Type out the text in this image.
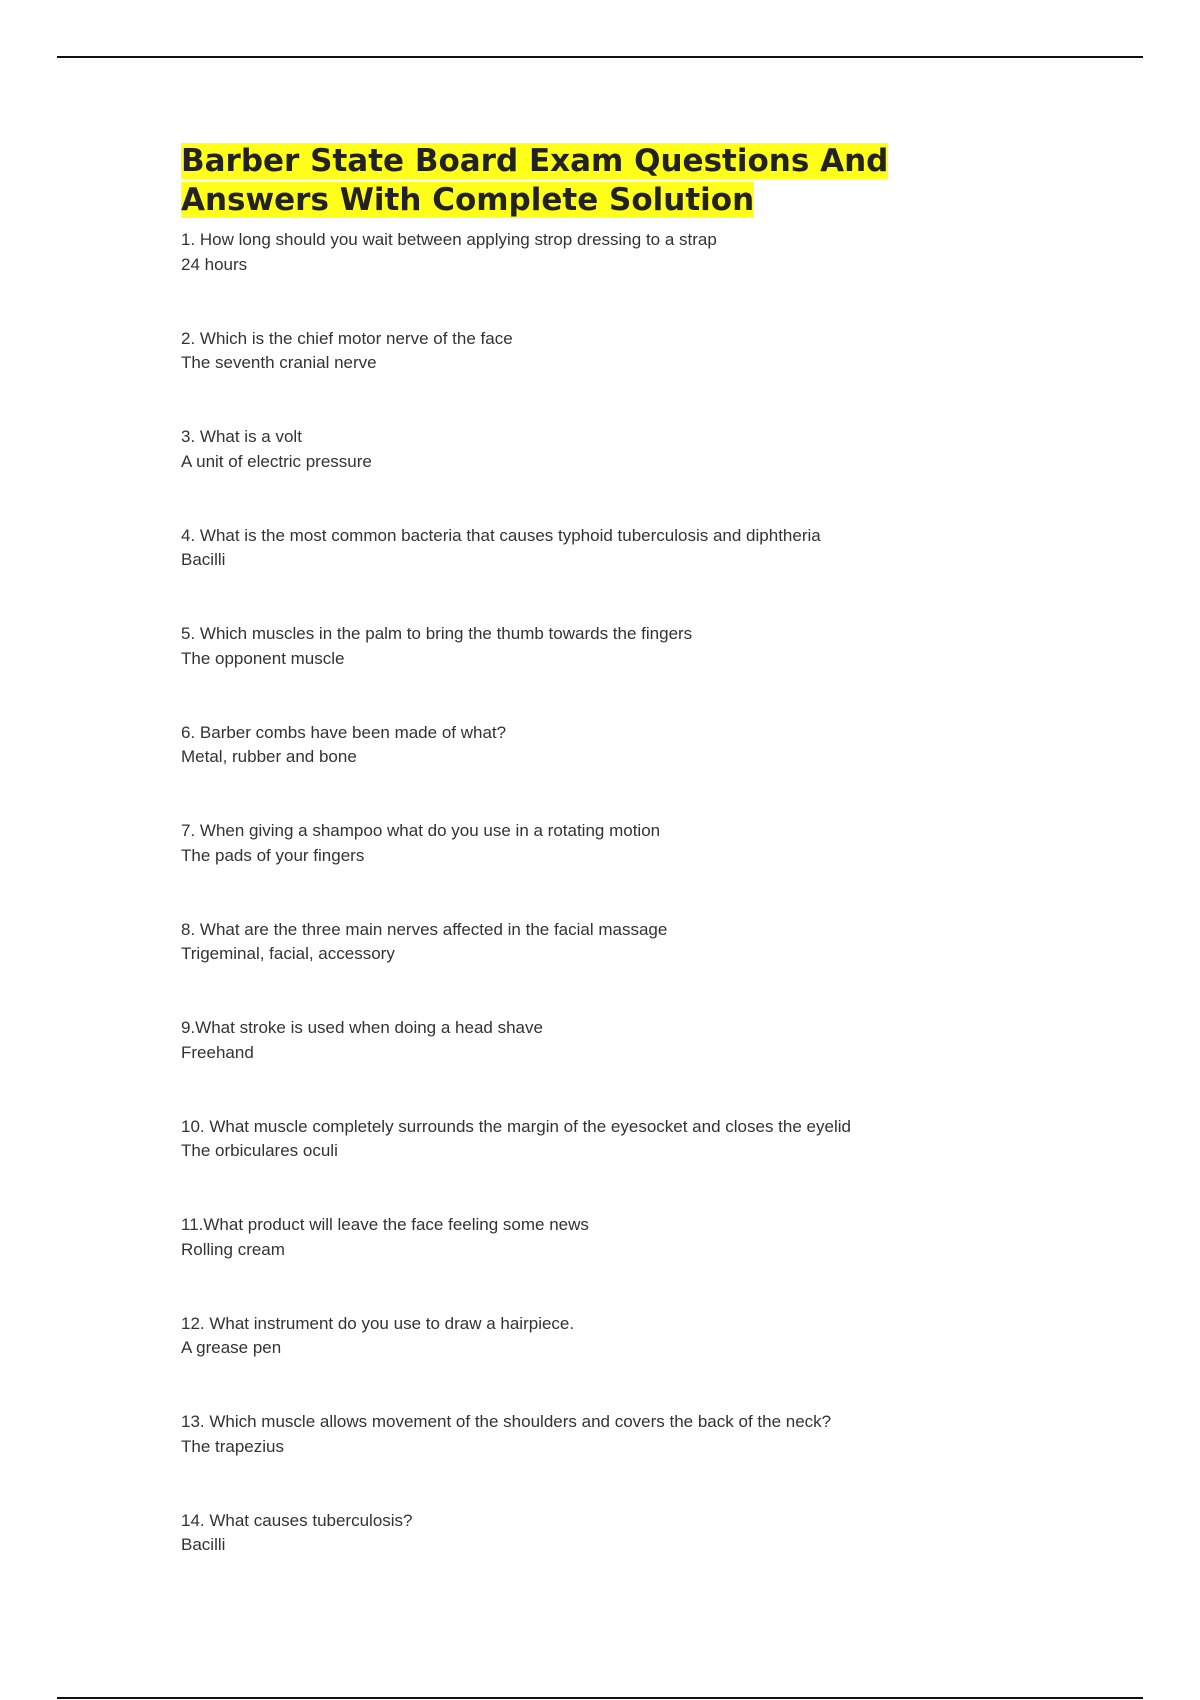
Barber State Board Exam Questions And Answers With Complete Solution
1. How long should you wait between applying strop dressing to a strap
24 hours
2. Which is the chief motor nerve of the face
The seventh cranial nerve
3. What is a volt
A unit of electric pressure
4. What is the most common bacteria that causes typhoid tuberculosis and diphtheria
Bacilli
5. Which muscles in the palm to bring the thumb towards the fingers
The opponent muscle
6. Barber combs have been made of what?
Metal, rubber and bone
7. When giving a shampoo what do you use in a rotating motion
The pads of your fingers
8. What are the three main nerves affected in the facial massage
Trigeminal, facial, accessory
9.What stroke is used when doing a head shave
Freehand
10. What muscle completely surrounds the margin of the eyesocket and closes the eyelid
The orbiculares oculi
11.What product will leave the face feeling some news
Rolling cream
12. What instrument do you use to draw a hairpiece.
A grease pen
13. Which muscle allows movement of the shoulders and covers the back of the neck?
The trapezius
14. What causes tuberculosis?
Bacilli
